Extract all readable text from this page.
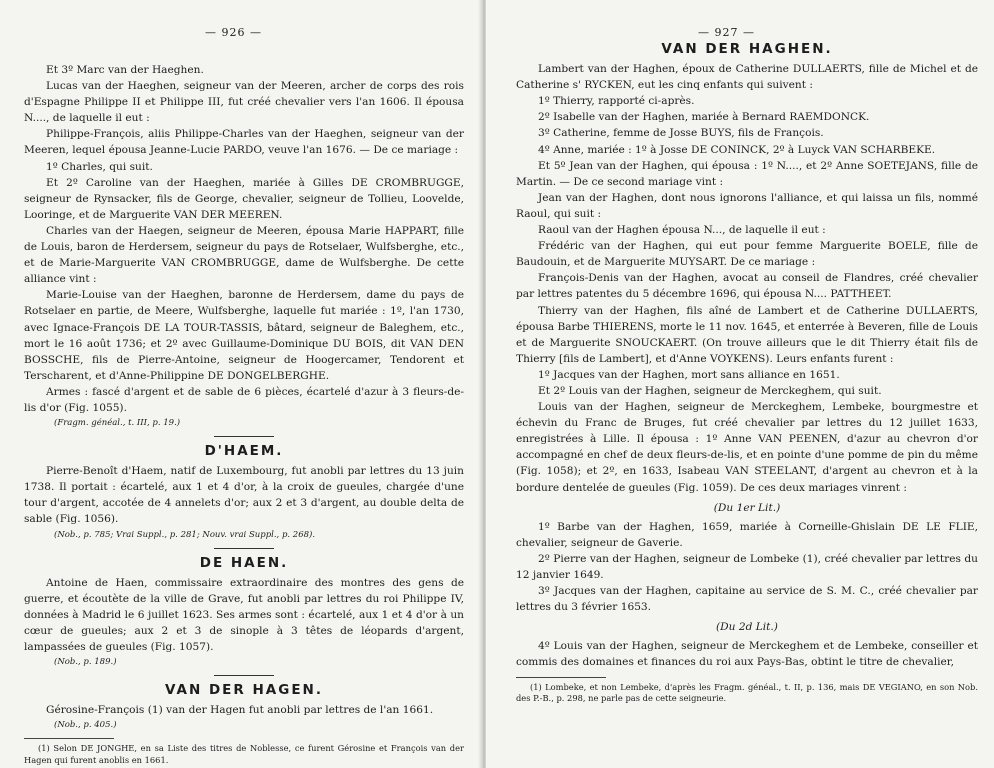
— 926 —

Et 3º Marc van der Haeghen.

Lucas van der Haeghen, seigneur van der Meeren, archer de corps des rois d'Espagne Philippe II et Philippe III, fut créé chevalier vers l'an 1606. Il épousa N...., de laquelle il eut :

Philippe-François, aliis Philippe-Charles van der Haeghen, seigneur van der Meeren, lequel épousa Jeanne-Lucie PARDO, veuve l'an 1676. — De ce mariage :

1º Charles, qui suit.

Et 2º Caroline van der Haeghen, mariée à Gilles DE CROMBRUGGE, seigneur de Rynsacker, fils de George, chevalier, seigneur de Tollieu, Loovelde, Looringe, et de Marguerite VAN DER MEEREN.

Charles van der Haegen, seigneur de Meeren, épousa Marie HAPPART, fille de Louis, baron de Herdersem, seigneur du pays de Rotselaer, Wulfsberghe, etc., et de Marie-Marguerite VAN CROMBRUGGE, dame de Wulfsberghe. De cette alliance vint :

Marie-Louise van der Haeghen, baronne de Herdersem, dame du pays de Rotselaer en partie, de Meere, Wulfsberghe, laquelle fut mariée : 1º, l'an 1730, avec Ignace-François DE LA TOUR-TASSIS, bâtard, seigneur de Baleghem, etc., mort le 16 août 1736; et 2º avec Guillaume-Dominique DU BOIS, dit VAN DEN BOSSCHE, fils de Pierre-Antoine, seigneur de Hoogercamer, Tendorent et Terscharent, et d'Anne-Philippine DE DONGELBERGHE.

Armes : fascé d'argent et de sable de 6 pièces, écartelé d'azur à 3 fleurs-de-lis d'or (Fig. 1055).

(Fragm. généal., t. III, p. 19.)
D'HAEM.

Pierre-Benoît d'Haem, natif de Luxembourg, fut anobli par lettres du 13 juin 1738. Il portait : écartelé, aux 1 et 4 d'or, à la croix de gueules, chargée d'une tour d'argent, accotée de 4 annelets d'or; aux 2 et 3 d'argent, au double delta de sable (Fig. 1056).

(Nob., p. 785; Vrai Suppl., p. 281; Nouv. vrai Suppl., p. 268).
DE HAEN.

Antoine de Haen, commissaire extraordinaire des montres des gens de guerre, et écoutète de la ville de Grave, fut anobli par lettres du roi Philippe IV, données à Madrid le 6 juillet 1623. Ses armes sont : écartelé, aux 1 et 4 d'or à un cœur de gueules; aux 2 et 3 de sinople à 3 têtes de léopards d'argent, lampassées de gueules (Fig. 1057).

(Nob., p. 189.)
VAN DER HAGEN.

Gérosine-François (1) van der Hagen fut anobli par lettres de l'an 1661.

(Nob., p. 405.)

(1) Selon DE JONGHE, en sa Liste des titres de Noblesse, ce furent Gérosine et François van der Hagen qui furent anoblis en 1661.

— 927 —
VAN DER HAGHEN.

Lambert van der Haghen, époux de Catherine DULLAERTS, fille de Michel et de Catherine s' RYCKEN, eut les cinq enfants qui suivent :

1º Thierry, rapporté ci-après.

2º Isabelle van der Haghen, mariée à Bernard RAEMDONCK.

3º Catherine, femme de Josse BUYS, fils de François.

4º Anne, mariée : 1º à Josse DE CONINCK, 2º à Luyck VAN SCHARBEKE.

Et 5º Jean van der Haghen, qui épousa : 1º N...., et 2º Anne SOETEJANS, fille de Martin. — De ce second mariage vint :

Jean van der Haghen, dont nous ignorons l'alliance, et qui laissa un fils, nommé Raoul, qui suit :

Raoul van der Haghen épousa N..., de laquelle il eut :

Frédéric van der Haghen, qui eut pour femme Marguerite BOELE, fille de Baudouin, et de Marguerite MUYSART. De ce mariage :

François-Denis van der Haghen, avocat au conseil de Flandres, créé chevalier par lettres patentes du 5 décembre 1696, qui épousa N.... PATTHEET.

Thierry van der Haghen, fils aîné de Lambert et de Catherine DULLAERTS, épousa Barbe THIERENS, morte le 11 nov. 1645, et enterrée à Beveren, fille de Louis et de Marguerite SNOUCKAERT. (On trouve ailleurs que le dit Thierry était fils de Thierry [fils de Lambert], et d'Anne VOYKENS). Leurs enfants furent :

1º Jacques van der Haghen, mort sans alliance en 1651.

Et 2º Louis van der Haghen, seigneur de Merckeghem, qui suit.

Louis van der Haghen, seigneur de Merckeghem, Lembeke, bourgmestre et échevin du Franc de Bruges, fut créé chevalier par lettres du 12 juillet 1633, enregistrées à Lille. Il épousa : 1º Anne VAN PEENEN, d'azur au chevron d'or accompagné en chef de deux fleurs-de-lis, et en pointe d'une pomme de pin du même (Fig. 1058); et 2º, en 1633, Isabeau VAN STEELANT, d'argent au chevron et à la bordure dentelée de gueules (Fig. 1059). De ces deux mariages vinrent :

(Du 1er Lit.)

1º Barbe van der Haghen, 1659, mariée à Corneille-Ghislain DE LE FLIE, chevalier, seigneur de Gaverie.

2º Pierre van der Haghen, seigneur de Lombeke (1), créé chevalier par lettres du 12 janvier 1649.

3º Jacques van der Haghen, capitaine au service de S. M. C., créé chevalier par lettres du 3 février 1653.

(Du 2d Lit.)

4º Louis van der Haghen, seigneur de Merckeghem et de Lembeke, conseiller et commis des domaines et finances du roi aux Pays-Bas, obtint le titre de chevalier,

(1) Lombeke, et non Lembeke, d'après les Fragm. généal., t. II, p. 136, mais DE VEGIANO, en son Nob. des P.-B., p. 298, ne parle pas de cette seigneurie.
